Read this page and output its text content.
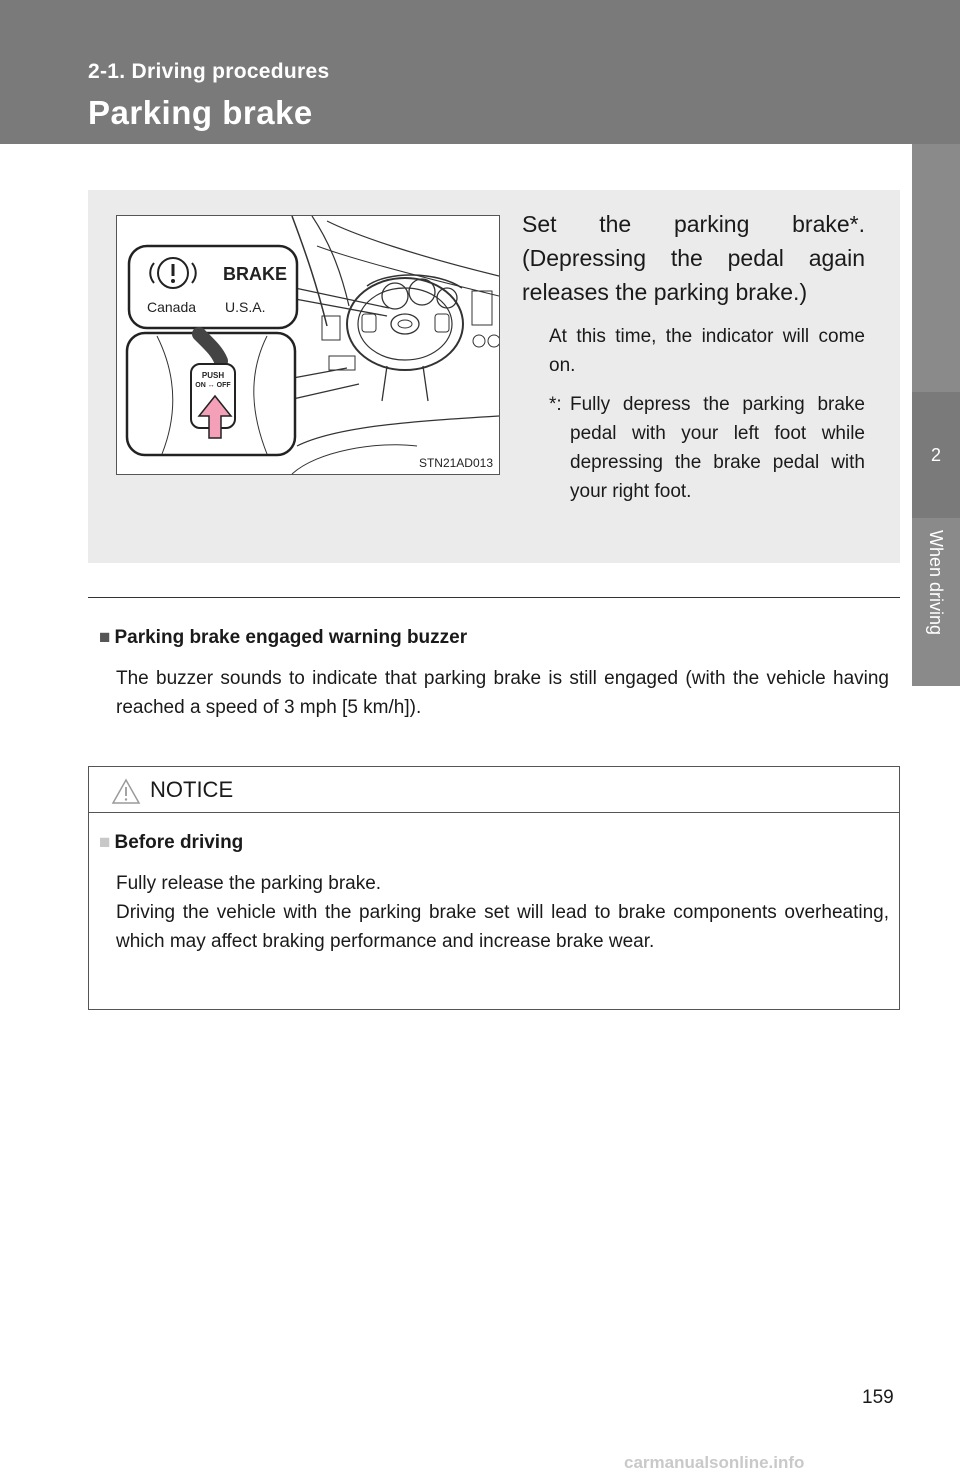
2-1. Driving procedures
Parking brake
2
When driving
BRAKE
Canada U.S.A.
PUSH
ON ↔ OFF
STN21AD013

Set the parking brake*. (Depressing the pedal again releases the parking brake.)

At this time, the indicator will come on.

*: Fully depress the parking brake pedal with your left foot while depressing the brake pedal with your right foot.

■ Parking brake engaged warning buzzer

The buzzer sounds to indicate that parking brake is still engaged (with the vehicle having reached a speed of 3 mph [5 km/h]).

NOTICE

■ Before driving

Fully release the parking brake.
Driving the vehicle with the parking brake set will lead to brake components overheating, which may affect braking performance and increase brake wear.

159
carmanualsonline.info
